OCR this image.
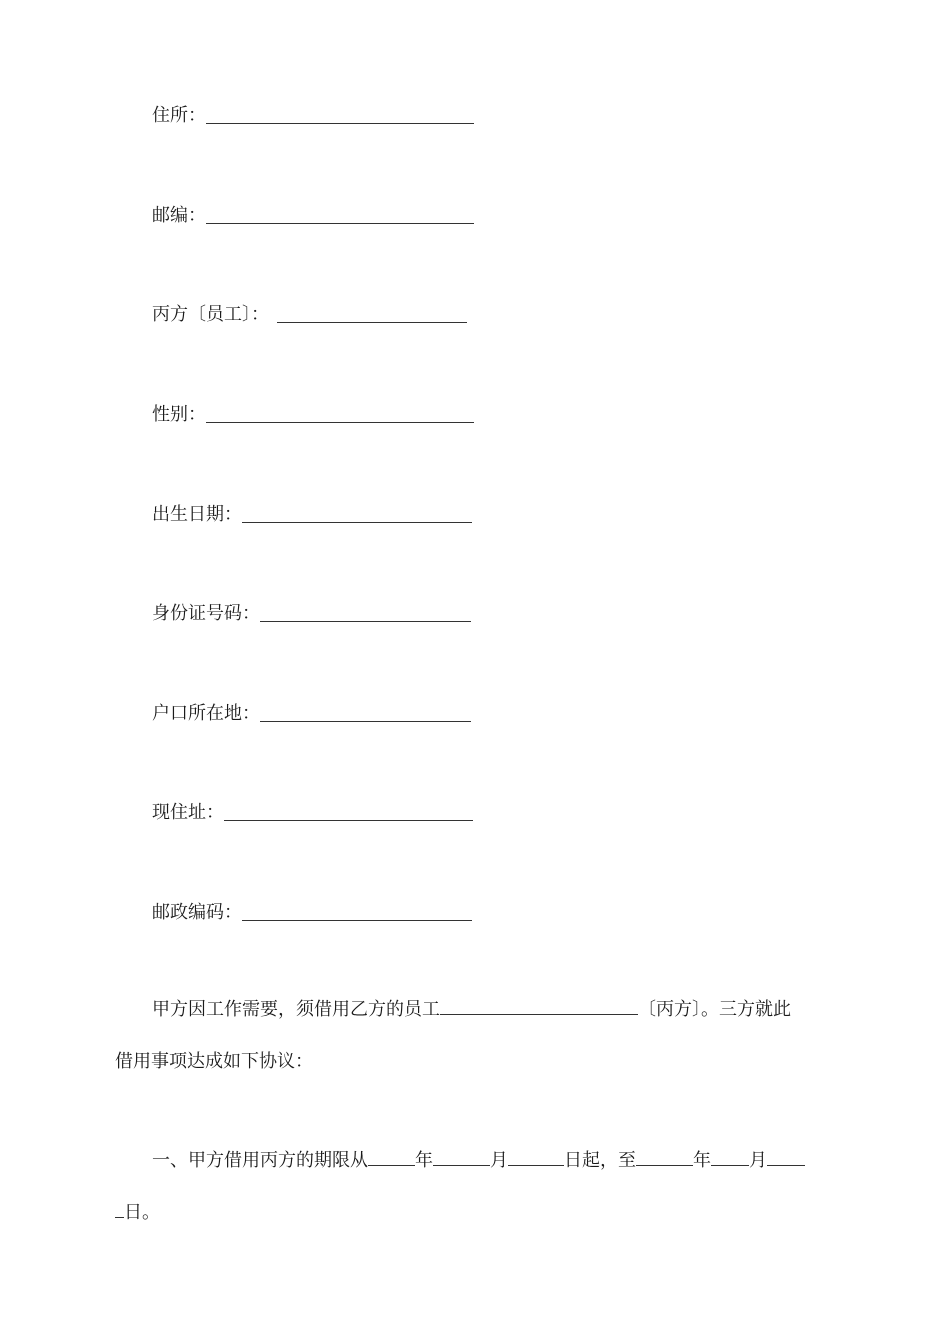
住所：
邮编：
丙方〔员工〕：
性别：
出生日期：
身份证号码：
户口所在地：
现住址：
邮政编码：
甲方因工作需要，须借用乙方的员工	〔丙方〕。三方就此
借用事项达成如下协议：
一、甲方借用丙方的期限从	年	月	日起，至	年 月
日。
